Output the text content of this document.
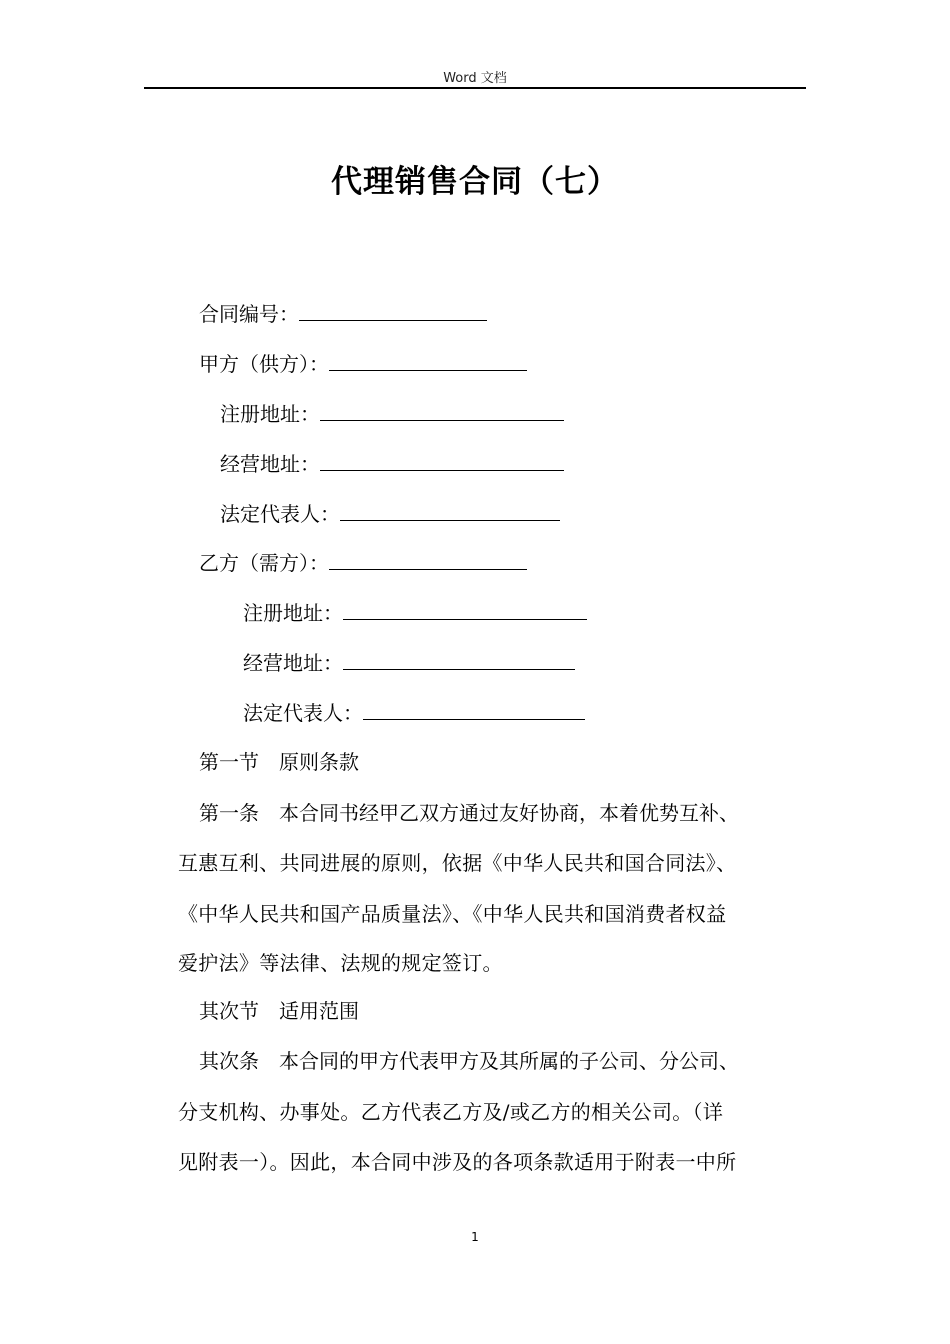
Word 文档
代理销售合同（七）
合同编号：
甲方（供方）：
注册地址：
经营地址：
法定代表人：
乙方（需方）：
注册地址：
经营地址：
法定代表人：
第一节　原则条款
第一条　本合同书经甲乙双方通过友好协商，本着优势互补、
互惠互利、共同进展的原则，依据《中华人民共和国合同法》、
《中华人民共和国产品质量法》、《中华人民共和国消费者权益
爱护法》等法律、法规的规定签订。
其次节　适用范围
其次条　本合同的甲方代表甲方及其所属的子公司、分公司、
分支机构、办事处。乙方代表乙方及/或乙方的相关公司。（详
见附表一）。因此，本合同中涉及的各项条款适用于附表一中所
1
